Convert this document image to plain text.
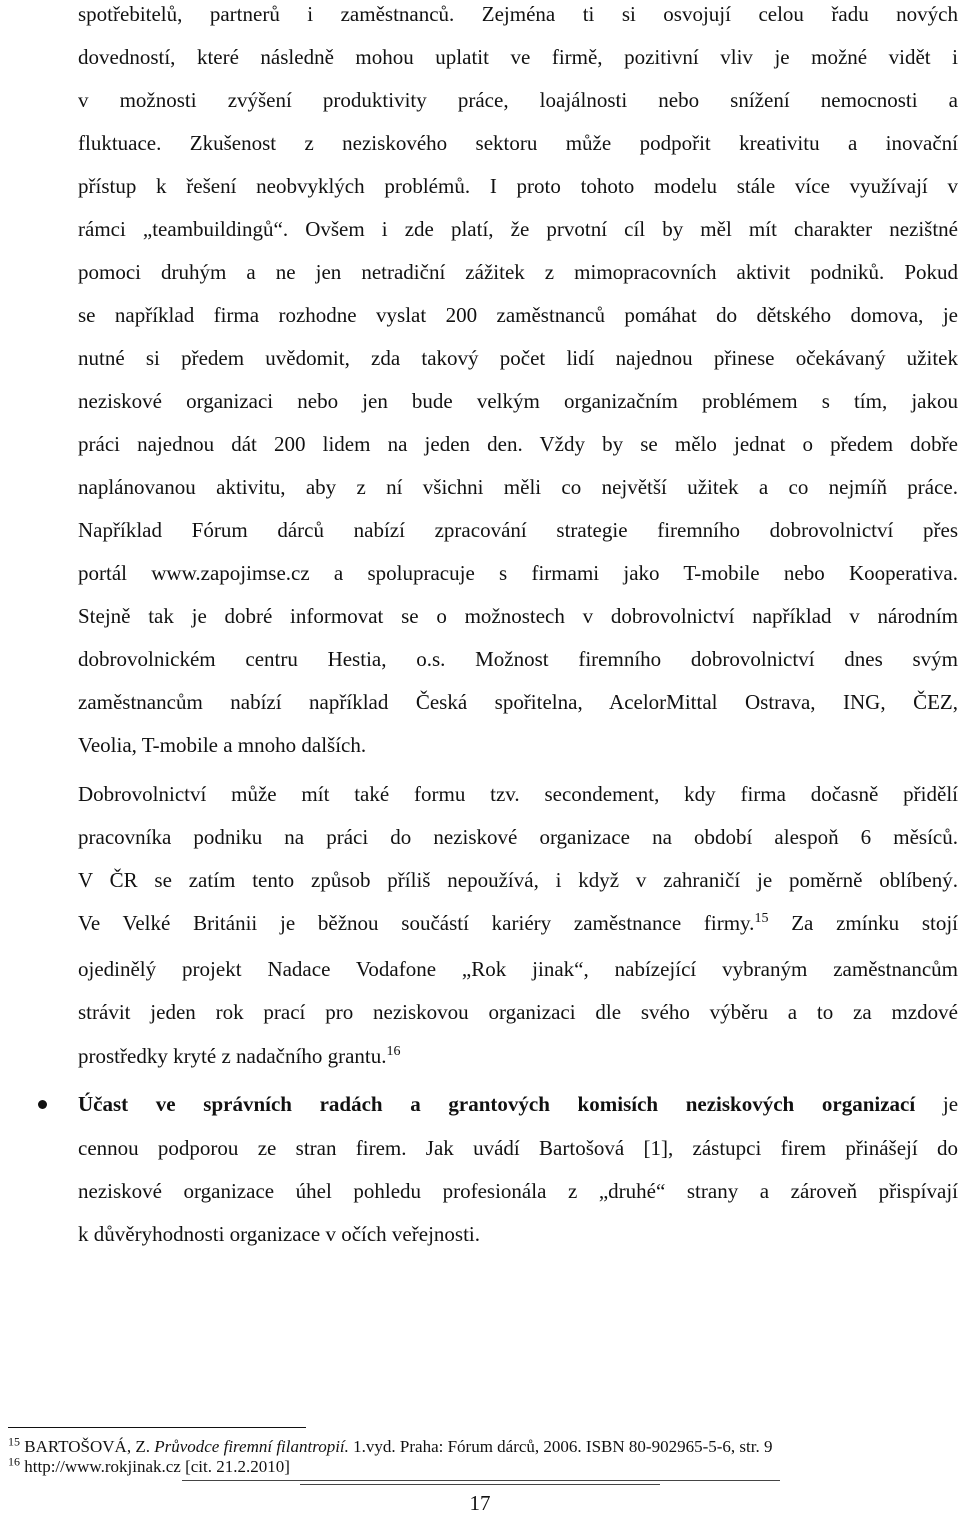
spotřebitelů, partnerů i zaměstnanců. Zejména ti si osvojují celou řadu nových
dovedností, které následně mohou uplatit ve firmě, pozitivní vliv je možné vidět i
v možnosti zvýšení produktivity práce, loajálnosti nebo snížení nemocnosti a
fluktuace. Zkušenost z neziskového sektoru může podpořit kreativitu a inovační
přístup k řešení neobvyklých problémů. I proto tohoto modelu stále více využívají v
rámci „teambuildingů“. Ovšem i zde platí, že prvotní cíl by měl mít charakter nezištné
pomoci druhým a ne jen netradiční zážitek z mimopracovních aktivit podniků. Pokud
se například firma rozhodne vyslat 200 zaměstnanců pomáhat do dětského domova, je
nutné si předem uvědomit, zda takový počet lidí najednou přinese očekávaný užitek
neziskové organizaci nebo jen bude velkým organizačním problémem s tím, jakou
práci najednou dát 200 lidem na jeden den. Vždy by se mělo jednat o předem dobře
naplánovanou aktivitu, aby z ní všichni měli co největší užitek a co nejmíň práce.
Například Fórum dárců nabízí zpracování strategie firemního dobrovolnictví přes
portál www.zapojimse.cz a spolupracuje s firmami jako T-mobile nebo Kooperativa.
Stejně tak je dobré informovat se o možnostech v dobrovolnictví například v národním
dobrovolnickém centru Hestia, o.s. Možnost firemního dobrovolnictví dnes svým
zaměstnancům nabízí například Česká spořitelna, AcelorMittal Ostrava, ING, ČEZ,
Veolia, T-mobile a mnoho dalších.
Dobrovolnictví může mít také formu tzv. secondement, kdy firma dočasně přidělí
pracovníka podniku na práci do neziskové organizace na období alespoň 6 měsíců.
V ČR se zatím tento způsob příliš nepoužívá, i když v zahraničí je poměrně oblíbený.
Ve Velké Británii je běžnou součástí kariéry zaměstnance firmy.$^{15}$ Za zmínku stojí
ojedinělý projekt Nadace Vodafone „Rok jinak“, nabízející vybraným zaměstnancům
strávit jeden rok prací pro neziskovou organizaci dle svého výběru a to za mzdové
prostředky kryté z nadačního grantu.$^{16}$
Účast ve správních radách a grantových komisích neziskových organizací je
cennou podporou ze stran firem. Jak uvádí Bartošová [1], zástupci firem přinášejí do
neziskové organizace úhel pohledu profesionála z „druhé“ strany a zároveň přispívají
k důvěryhodnosti organizace v očích veřejnosti.
$^{15}$ BARTOŠOVÁ, Z. Průvodce firemní filantropií. 1.vyd. Praha: Fórum dárců, 2006. ISBN 80-902965-5-6, str. 9
$^{16}$ http://www.rokjinak.cz [cit. 21.2.2010]
17
